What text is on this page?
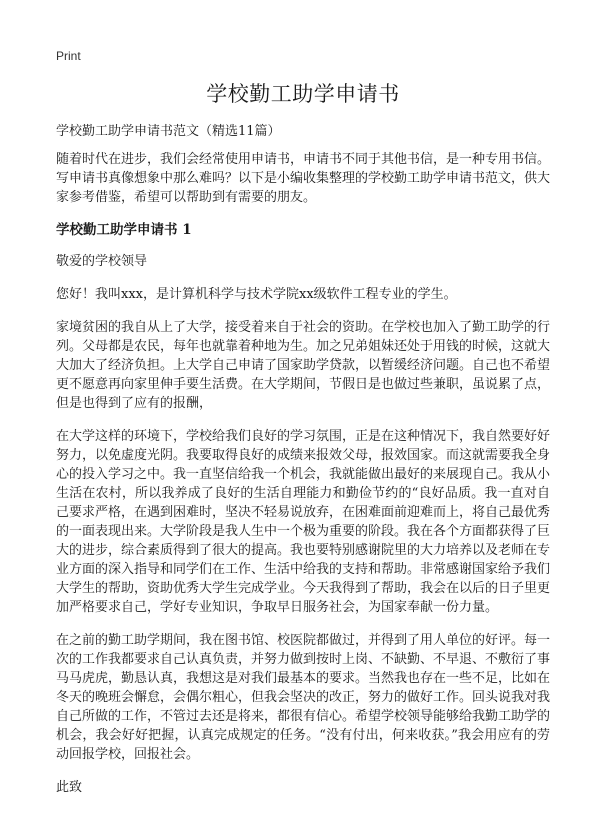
Print
学校勤工助学申请书

学校勤工助学申请书范文（精选11篇）

随着时代在进步，我们会经常使用申请书，申请书不同于其他书信，是一种专用书信。写申请书真像想象中那么难吗？以下是小编收集整理的学校勤工助学申请书范文，供大家参考借鉴，希望可以帮助到有需要的朋友。

学校勤工助学申请书 1

敬爱的学校领导

您好！我叫xxx，是计算机科学与技术学院xx级软件工程专业的学生。

家境贫困的我自从上了大学，接受着来自于社会的资助。在学校也加入了勤工助学的行列。父母都是农民，每年也就靠着种地为生。加之兄弟姐妹还处于用钱的时候，这就大大加大了经济负担。上大学自己申请了国家助学贷款，以暂缓经济问题。自己也不希望更不愿意再向家里伸手要生活费。在大学期间，节假日是也做过些兼职，虽说累了点，但是也得到了应有的报酬，

在大学这样的环境下，学校给我们良好的学习氛围，正是在这种情况下，我自然要好好努力，以免虚度光阴。我要取得良好的成绩来报效父母，报效国家。而这就需要我全身心的投入学习之中。我一直坚信给我一个机会，我就能做出最好的来展现自己。我从小生活在农村，所以我养成了良好的生活自理能力和勤俭节约的“良好品质。我一直对自己要求严格，在遇到困难时，坚决不轻易说放弃，在困难面前迎难而上，将自己最优秀的一面表现出来。大学阶段是我人生中一个极为重要的阶段。我在各个方面都获得了巨大的进步，综合素质得到了很大的提高。我也要特别感谢院里的大力培养以及老师在专业方面的深入指导和同学们在工作、生活中给我的支持和帮助。非常感谢国家给予我们大学生的帮助，资助优秀大学生完成学业。今天我得到了帮助，我会在以后的日子里更加严格要求自己，学好专业知识，争取早日服务社会，为国家奉献一份力量。

在之前的勤工助学期间，我在图书馆、校医院都做过，并得到了用人单位的好评。每一次的工作我都要求自己认真负责，并努力做到按时上岗、不缺勤、不早退、不敷衍了事马马虎虎，勤恳认真，我想这是对我们最基本的要求。当然我也存在一些不足，比如在冬天的晚班会懈怠，会偶尔粗心，但我会坚决的改正，努力的做好工作。回头说我对我自己所做的工作，不管过去还是将来，都很有信心。希望学校领导能够给我勤工助学的机会，我会好好把握，认真完成规定的任务。“没有付出，何来收获。”我会用应有的劳动回报学校，回报社会。

此致
